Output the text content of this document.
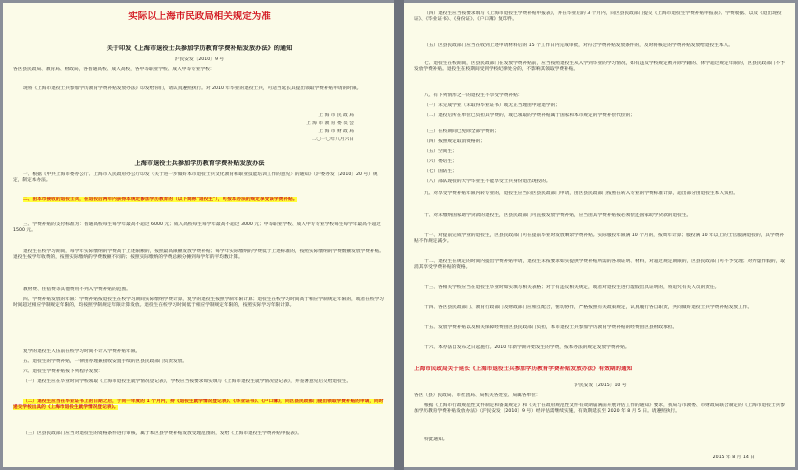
实际以上海市民政局相关规定为准
关于印发《上海市退役士兵参加学历教育学费补贴发放办法》的通知
沪民安发〔2010〕9 号
各区县民政局、教育局、财政局，各普通高校、成人高校，各中等职业学校、成人中等专业学校：
现将《上海市退役士兵参加学历教育学费补贴发放办法》印发给你们，请认真遵照执行。对 2010 年毕业的退役士兵，可适当延长其提出领取学费补贴申请的时限。
上 海 市 民 政 局
上 海 市 教 育 委 员 会
上 海 市 财 政 局
二〇一〇年八月六日
上海市退役士兵参加学历教育学费补贴发放办法
一、根据《中共上海市委办公厅、上海市人民政府办公厅印发〈关于进一步做好本市退役士兵文化教育和职业技能培训工作的意见〉的通知》（沪委办发〔2010〕20 号）规定，制定本办法。
二、由本市接收的退役士兵，在退役后两年内获得本规定参加学历教育的（以下简称"退役生"），可按本办法的规定享受该学费补贴。
三、学费补贴的支付标准为：普通高校每生每学年最高不超过 6000 元；成人高校每生每学年最高不超过 3000 元；中等职业学校、成人中专专业学校每生每学年最高不超过 1500 元。
退役生在校学习期间，每学年实际缴纳的学费高于上述限额的，按照最高限额发放学费补贴；每学年实际缴纳的学费低于上述标准的，按照实际缴纳的学费数额发放学费补贴。退役生按学年收费的，按照实际缴纳的学费数额不同的；按照实际缴纳的学费总额分摊到每学年的平均数计算。
教材费、住宿费等其他费用不列入学费补贴的范围。
四、学费补贴发放的年限：学费补贴按退役生在校学习期间实际缴纳学费计算，复学的退役生按照学制年限计算；退役生在校学习时间高于相应学制规定年限的，或者在校学习时间超过相应学制规定年限的，均按照学制规定年限计算发放。退役生在校学习时间低于相应学制规定年限的，按照实际学习年限计算。
复学的退役生人伍前在校学习时间不计入学费补贴年限。
五、退役生的学费补贴，一律由办理兼接收安置手续的区县民政部门负责发放。
六、退役生学费补贴按下列程序发放：
（一）退役生应在毕业时向学校领取《上海市退役生就学情况登记表》，学校应当按要求如实填写《上海市退役生就学情况登记表》，并签署意见后交给退役生。
（二）退役生应当在毕业证书上的日期之后，于同一年度的 1 个月内，持《退役生就学情况登记表》、《毕业证书》、《户口簿》，向区县民政部门提出领取学费补贴的申请，同时递交学校出具的《上海市退役生就学情况登记表》。
（三）区县民政部门应当对退役生的资格条件进行审核，属于本区县学费补贴发放受理范围的，发给《上海市退役生学费补贴申报表》。
（四）退役生应当按要求填写《上海市退役生学费补贴申报表》，并在毕业后的 3 个月内，向区县民政部门提交《上海市退役生学费补贴申报表》、学费收据、以及《退出现役证》、《毕业证书》、《身份证》、《户口簿》复印件。
（五）区县民政部门应当在收到上述申请材料后的 15 个工作日内完成审批，对符合学费补贴发放条件的，及时将核定的学费补贴发放给退役生本人。
七、退役生在校期间，区县民政部门在发放学费补贴前，应当按照退役生从入学到毕业的学习情况，如有违反学校规定被开除学籍的、休学超过规定年限的，区县民政部门不予发放学费补贴。退役生在校期间受到学校纪律处分的，不影响其领取学费补贴。
八、有下列情形之一的退役生不享受学费补贴：
（一）未完成学业（未取得毕业证书）或无正当理由中途退学的；
（二）退役后所在单位已负担其学费的，或已领取的学费补贴属于国家和本市规定的学费补偿代偿的；
（三）在校期间已免除全部学费的；
（四）按照规定取消资格的；
（五）空间生；
（六）委培生；
（七）国防生；
（八）部队现役的大学毕业生不能享受士兵身份退出现役的。
九、对享受学费补贴年限内转专业的，退役生应当向区县民政部门申请，由区县民政部门按照在转入专业的学费标准计算，超出部分由退役生本人负担。
十、对未缴纳国家助学贷款的退役生，区县民政部门可直接发放学费补贴，应当由其学费补贴按必须偿还国家助学贷款的退役生。
十一、对提前完成学业的退役生，区县民政部门可在提前毕业时发放剩余学费补贴。实际服役年限满 10 个月的，按周年计算；服役满 10 年以上的士官服满退役的，其学费补贴不作规定减少。
十二、退役生在规定的时间内提出学费补贴申请，退役生未按要求如实提供学费补贴所需的各项证明、材料，对超过规定期限的，区县民政部门可不予受理；对弄虚作假的，取消其享受学费补贴的资格。
十三、各相关学校应当在退役生毕业时如实填写相关表格；对于有违反相关规定，或者对退役生进行虚假出具证明的，将追究有关人员的责任。
十四、各区县民政部门、教育行政部门及财政部门应相互配合，密切协作，严格按照有关政策规定，认真履行各自职责，共同做好退役士兵学费补贴发放工作。
十五、发放学费补贴以及相关保障经费由区县民政部门负担，本市退役士兵参加学历教育学费补贴的经费由区县财政承担。
十六、本办法自发布之日起施行。2010 年新学期开始发生的学费，按本办法的规定发放学费补贴。
上海市民政局关于延长《上海市退役士兵参加学历教育学费补贴发放办法》有效期的通知
沪民安发〔2015〕10 号
各区（县）民政局、市社团局、局机关各处室、局属各单位：
根据《上海市行政规范性文件制定和备案规定》和《关于在政府规范性文件有效期届满前开展评估工作的通知》要求，我局与市教委、市财政局联合制定的《上海市退役士兵参加学历教育学费补贴发放办法》（沪民安发〔2010〕9 号）经评估需继续实施，有效期延长至 2020 年 8 月 5 日。请遵照执行。
特此通知。
2015 年 8 月 14 日
